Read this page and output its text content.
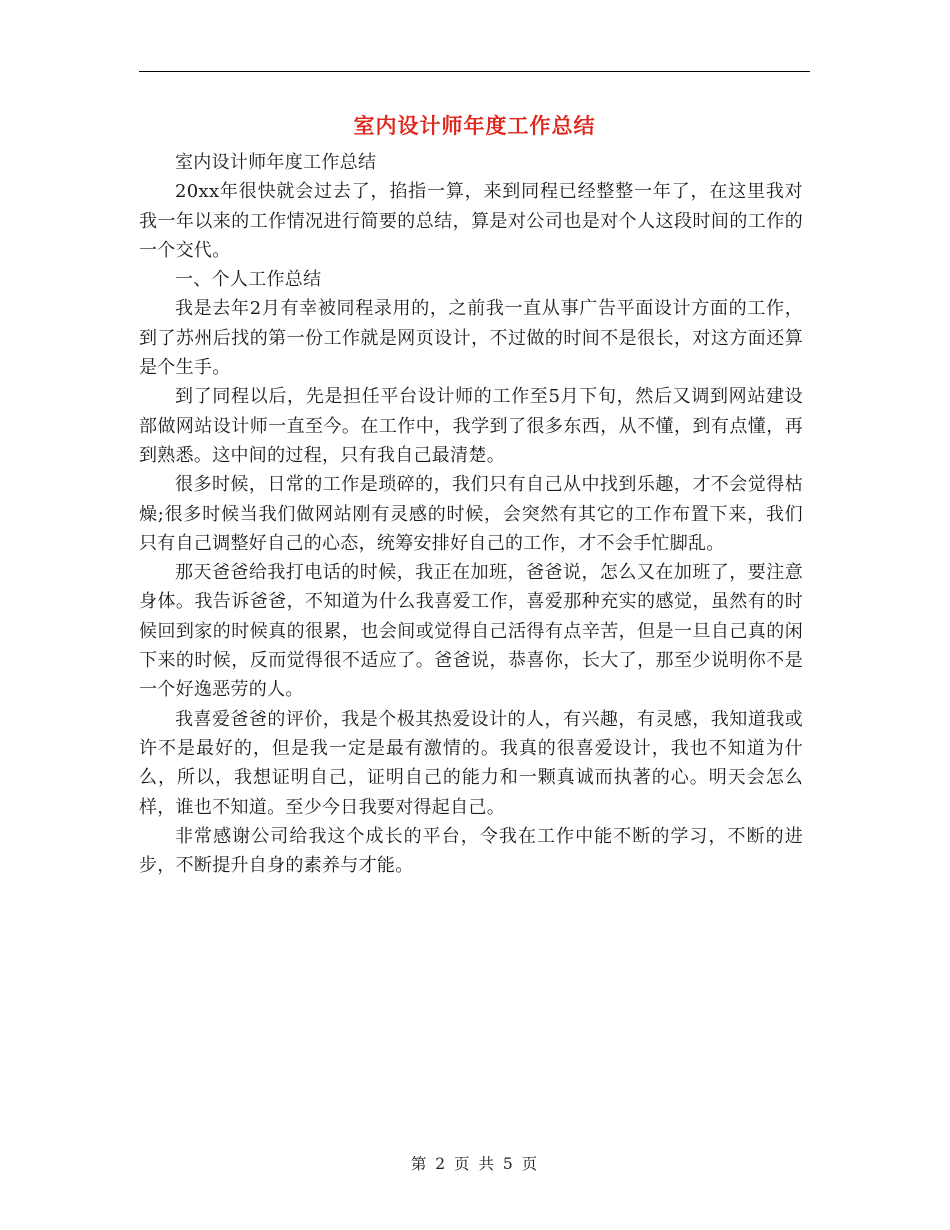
室内设计师年度工作总结

室内设计师年度工作总结

20xx年很快就会过去了，掐指一算，来到同程已经整整一年了，在这里我对我一年以来的工作情况进行简要的总结，算是对公司也是对个人这段时间的工作的一个交代。

一、个人工作总结

我是去年2月有幸被同程录用的，之前我一直从事广告平面设计方面的工作，到了苏州后找的第一份工作就是网页设计，不过做的时间不是很长，对这方面还算是个生手。

到了同程以后，先是担任平台设计师的工作至5月下旬，然后又调到网站建设部做网站设计师一直至今。在工作中，我学到了很多东西，从不懂，到有点懂，再到熟悉。这中间的过程，只有我自己最清楚。

很多时候，日常的工作是琐碎的，我们只有自己从中找到乐趣，才不会觉得枯燥;很多时候当我们做网站刚有灵感的时候，会突然有其它的工作布置下来，我们只有自己调整好自己的心态，统筹安排好自己的工作，才不会手忙脚乱。

那天爸爸给我打电话的时候，我正在加班，爸爸说，怎么又在加班了，要注意身体。我告诉爸爸，不知道为什么我喜爱工作，喜爱那种充实的感觉，虽然有的时候回到家的时候真的很累，也会间或觉得自己活得有点辛苦，但是一旦自己真的闲下来的时候，反而觉得很不适应了。爸爸说，恭喜你，长大了，那至少说明你不是一个好逸恶劳的人。

我喜爱爸爸的评价，我是个极其热爱设计的人，有兴趣，有灵感，我知道我或许不是最好的，但是我一定是最有激情的。我真的很喜爱设计，我也不知道为什么，所以，我想证明自己，证明自己的能力和一颗真诚而执著的心。明天会怎么样，谁也不知道。至少今日我要对得起自己。

非常感谢公司给我这个成长的平台，令我在工作中能不断的学习，不断的进步，不断提升自身的素养与才能。

第 2 页 共 5 页
